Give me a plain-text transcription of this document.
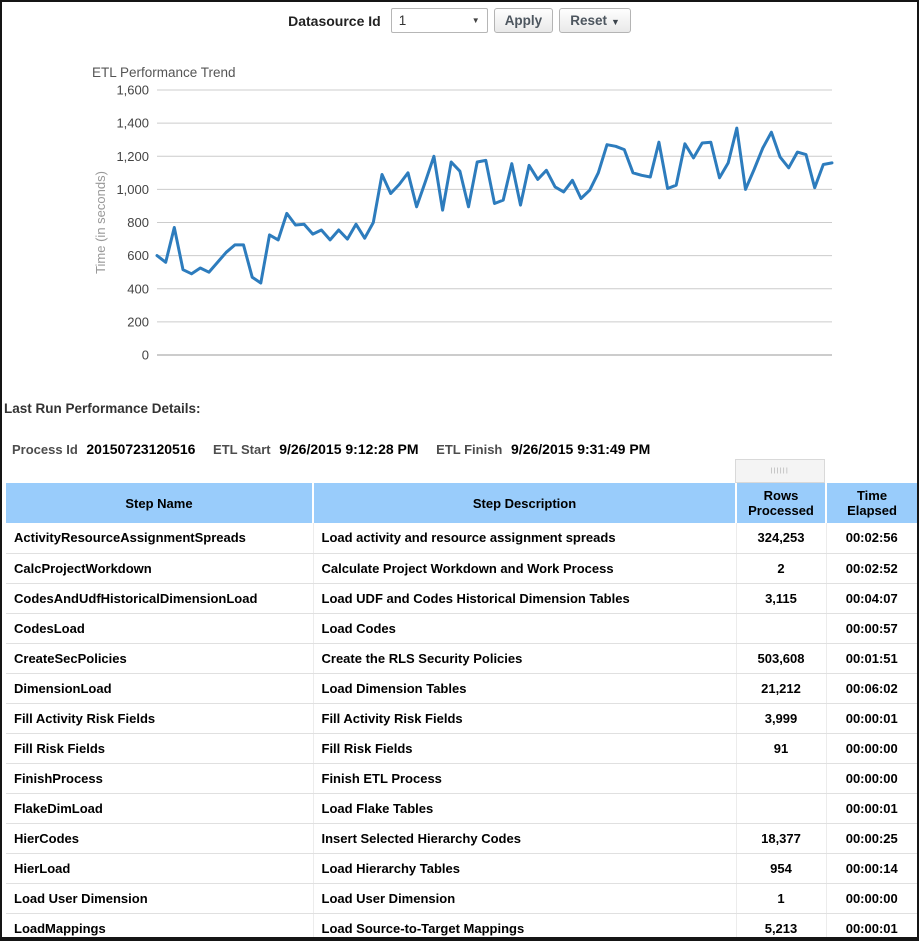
Datasource Id	1	▼	Apply	Reset ▼
ETL Performance Trend
0
200
400
600
800
1,000
1,200
1,400
1,600
Time (in seconds)
Last Run Performance Details:
Process Id 20150723120516 ETL Start 9/26/2015 9:12:28 PM ETL Finish 9/26/2015 9:31:49 PM
||||||
Step Name	Step Description	Rows Processed	Time Elapsed
ActivityResourceAssignmentSpreads	Load activity and resource assignment spreads	324,253	00:02:56
CalcProjectWorkdown	Calculate Project Workdown and Work Process	2	00:02:52
CodesAndUdfHistoricalDimensionLoad	Load UDF and Codes Historical Dimension Tables	3,115	00:04:07
CodesLoad	Load Codes		00:00:57
CreateSecPolicies	Create the RLS Security Policies	503,608	00:01:51
DimensionLoad	Load Dimension Tables	21,212	00:06:02
Fill Activity Risk Fields	Fill Activity Risk Fields	3,999	00:00:01
Fill Risk Fields	Fill Risk Fields	91	00:00:00
FinishProcess	Finish ETL Process		00:00:00
FlakeDimLoad	Load Flake Tables		00:00:01
HierCodes	Insert Selected Hierarchy Codes	18,377	00:00:25
HierLoad	Load Hierarchy Tables	954	00:00:14
Load User Dimension	Load User Dimension	1	00:00:00
LoadMappings	Load Source-to-Target Mappings	5,213	00:00:01
